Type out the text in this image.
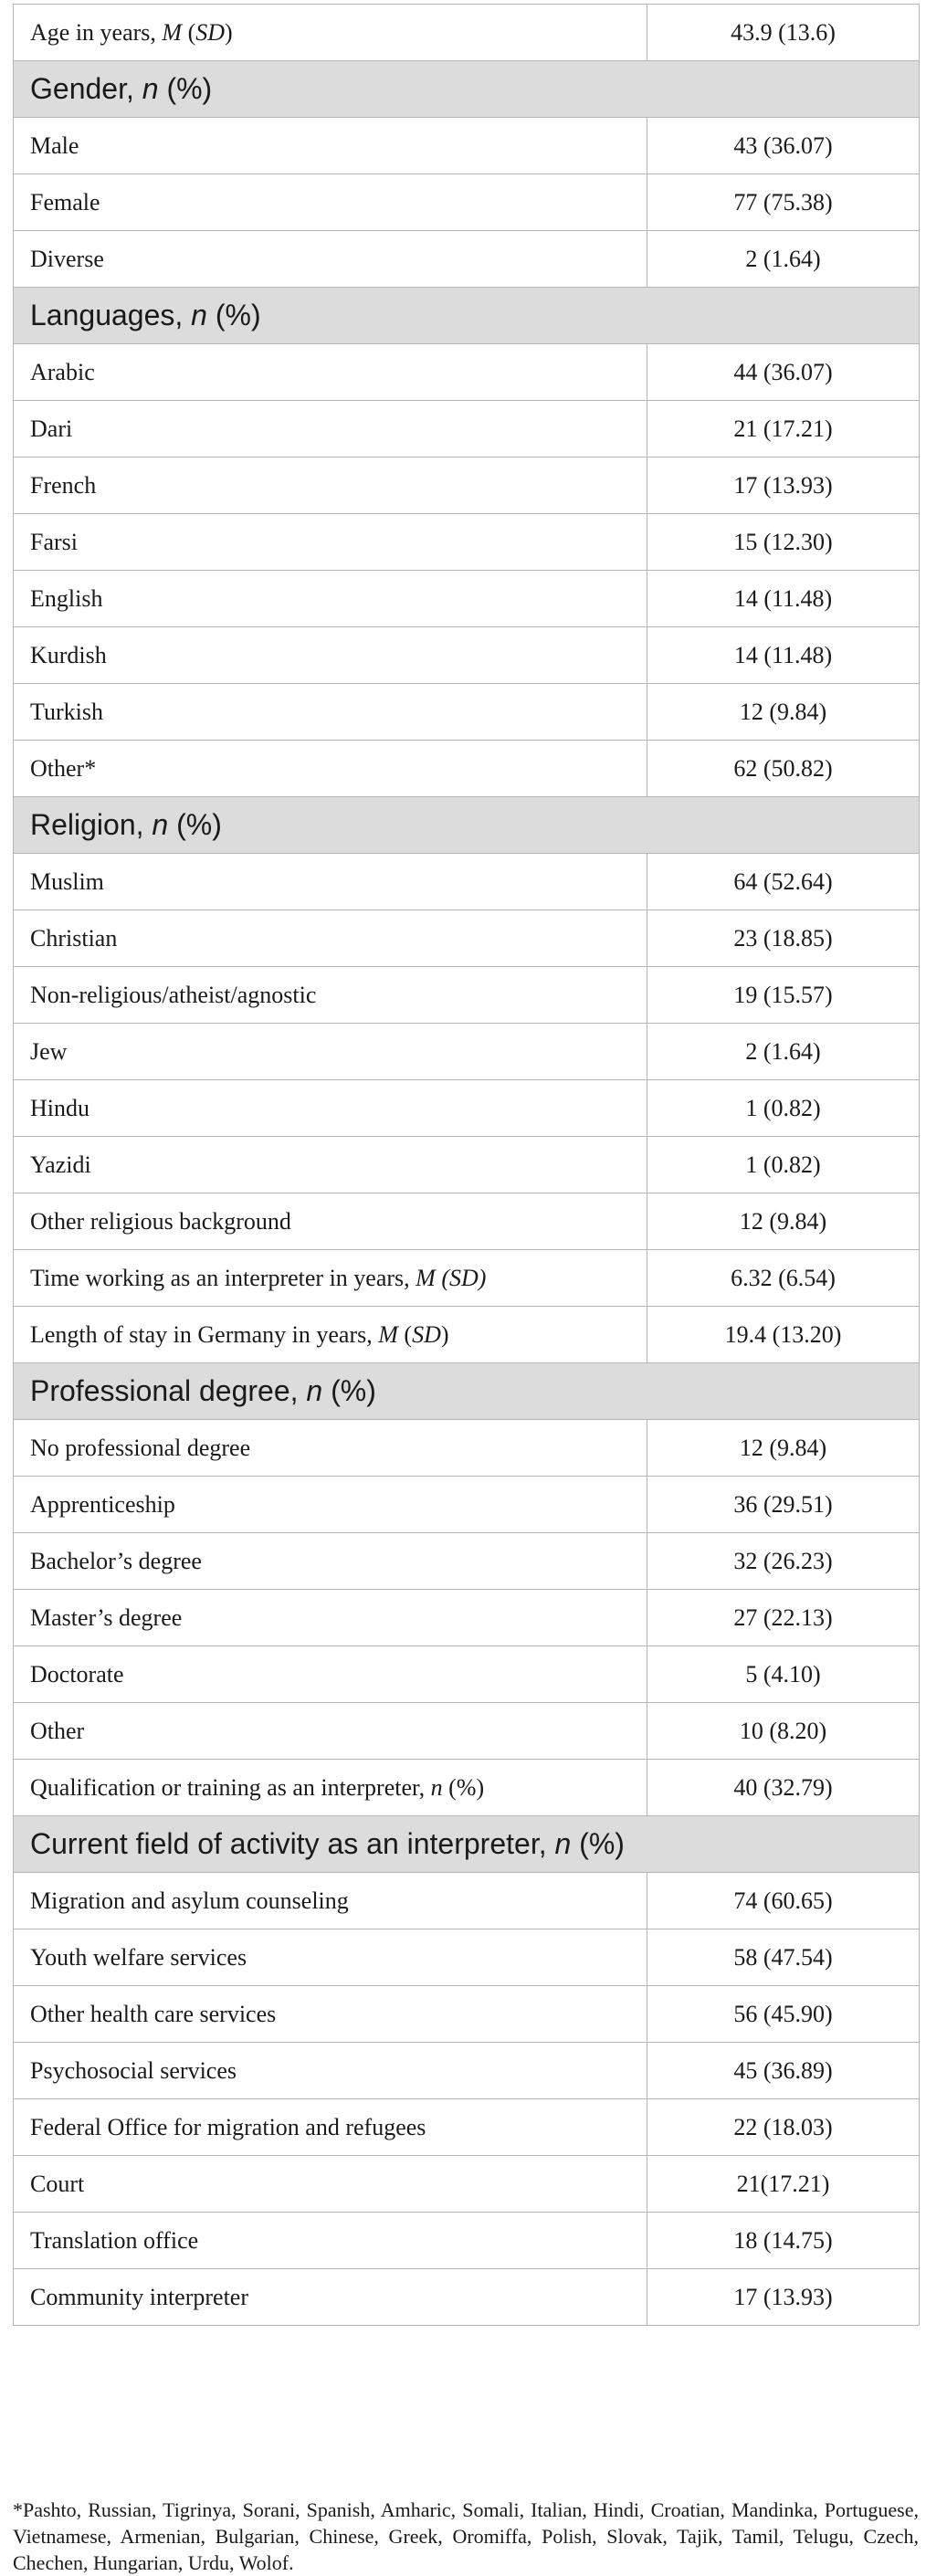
Age in years, M (SD)	43.9 (13.6)
Gender, n (%)	
Male	43 (36.07)
Female	77 (75.38)
Diverse	2 (1.64)
Languages, n (%)	
Arabic	44 (36.07)
Dari	21 (17.21)
French	17 (13.93)
Farsi	15 (12.30)
English	14 (11.48)
Kurdish	14 (11.48)
Turkish	12 (9.84)
Other*	62 (50.82)
Religion, n (%)	
Muslim	64 (52.64)
Christian	23 (18.85)
Non-religious/atheist/agnostic	19 (15.57)
Jew	2 (1.64)
Hindu	1 (0.82)
Yazidi	1 (0.82)
Other religious background	12 (9.84)
Time working as an interpreter in years, M (SD)	6.32 (6.54)
Length of stay in Germany in years, M (SD)	19.4 (13.20)
Professional degree, n (%)	
No professional degree	12 (9.84)
Apprenticeship	36 (29.51)
Bachelor’s degree	32 (26.23)
Master’s degree	27 (22.13)
Doctorate	5 (4.10)
Other	10 (8.20)
Qualification or training as an interpreter, n (%)	40 (32.79)
Current field of activity as an interpreter, n (%)	
Migration and asylum counseling	74 (60.65)
Youth welfare services	58 (47.54)
Other health care services	56 (45.90)
Psychosocial services	45 (36.89)
Federal Office for migration and refugees	22 (18.03)
Court	21(17.21)
Translation office	18 (14.75)
Community interpreter	17 (13.93)
*Pashto, Russian, Tigrinya, Sorani, Spanish, Amharic, Somali, Italian, Hindi, Croatian, Mandinka, Portuguese, Vietnamese, Armenian, Bulgarian, Chinese, Greek, Oromiffa, Polish, Slovak, Tajik, Tamil, Telugu, Czech, Chechen, Hungarian, Urdu, Wolof.
